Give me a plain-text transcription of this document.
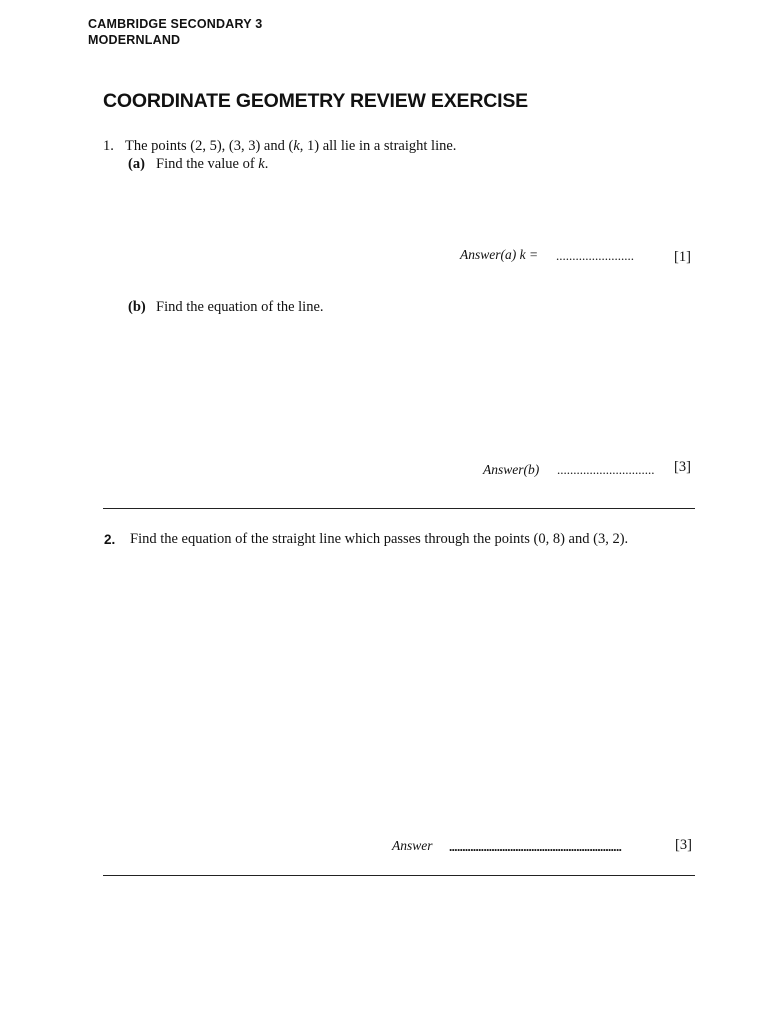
CAMBRIDGE SECONDARY 3
MODERNLAND
COORDINATE GEOMETRY REVIEW EXERCISE
1. The points (2, 5), (3, 3) and (k, 1) all lie in a straight line.
(a) Find the value of k.
Answer(a) k = ........................	[1]
(b) Find the equation of the line.
Answer(b) .............................. [3]
2. Find the equation of the straight line which passes through the points (0, 8) and (3, 2).
Answer .................................................................	[3]
